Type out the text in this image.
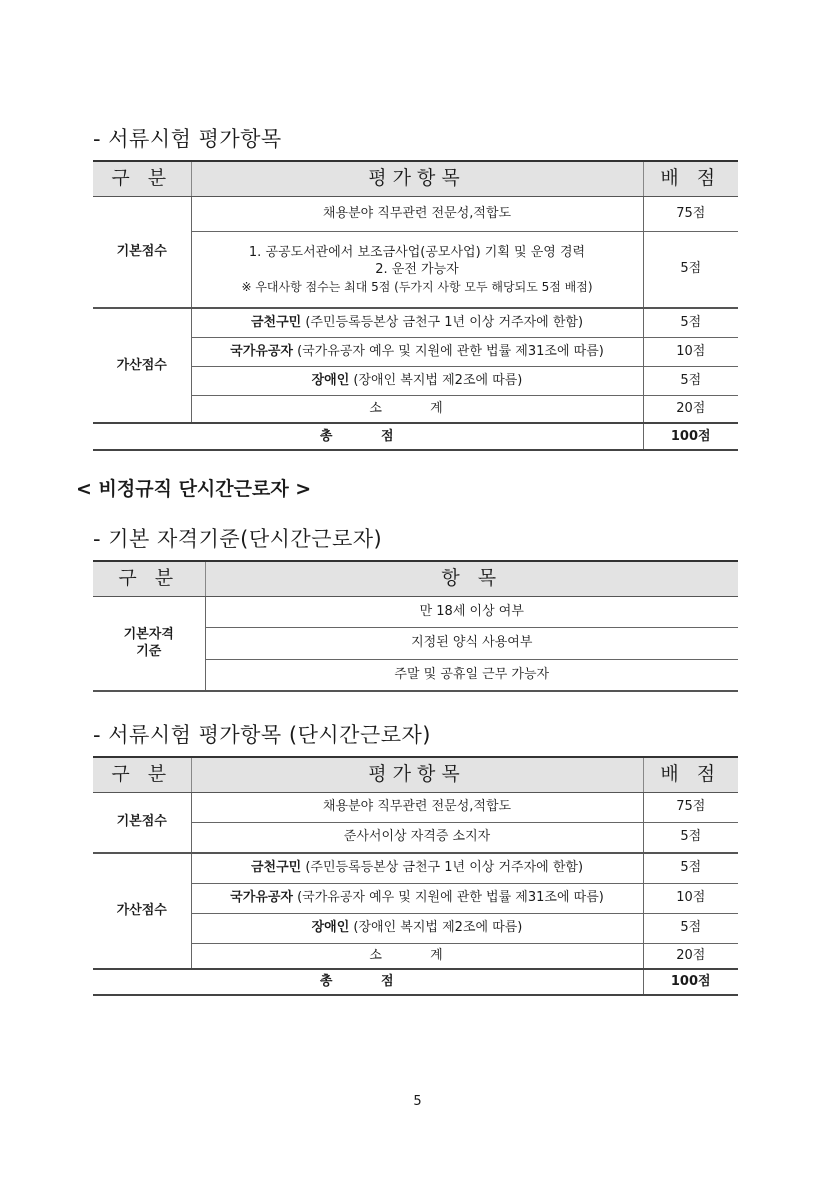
- 서류시험 평가항목
구 분	평가항목	배 점
기본점수	채용분야 직무관련 전문성,적합도	75점

	1. 공공도서관에서 보조금사업(공모사업) 기획 및 운영 경력
2. 운전 가능자
※ 우대사항 점수는 최대 5점 (두가지 사항 모두 해당되도 5점 배점)	5점
가산점수	금천구민 (주민등록등본상 금천구 1년 이상 거주자에 한함)	5점
	국가유공자 (국가유공자 예우 및 지원에 관한 법률 제31조에 따름)	10점
	장애인 (장애인 복지법 제2조에 따름)	5점
	소 계	20점
총 점		100점
< 비정규직 단시간근로자 >
- 기본 자격기준(단시간근로자)
구 분	항 목

기본자격
기준	만 18세 이상 여부
	지정된 양식 사용여부
	주말 및 공휴일 근무 가능자
- 서류시험 평가항목 (단시간근로자)
구 분	평가항목	배 점
기본점수	채용분야 직무관련 전문성,적합도	75점
	준사서이상 자격증 소지자	5점
가산점수	금천구민 (주민등록등본상 금천구 1년 이상 거주자에 한함)	5점
	국가유공자 (국가유공자 예우 및 지원에 관한 법률 제31조에 따름)	10점
	장애인 (장애인 복지법 제2조에 따름)	5점
	소 계	20점
총 점		100점
5
